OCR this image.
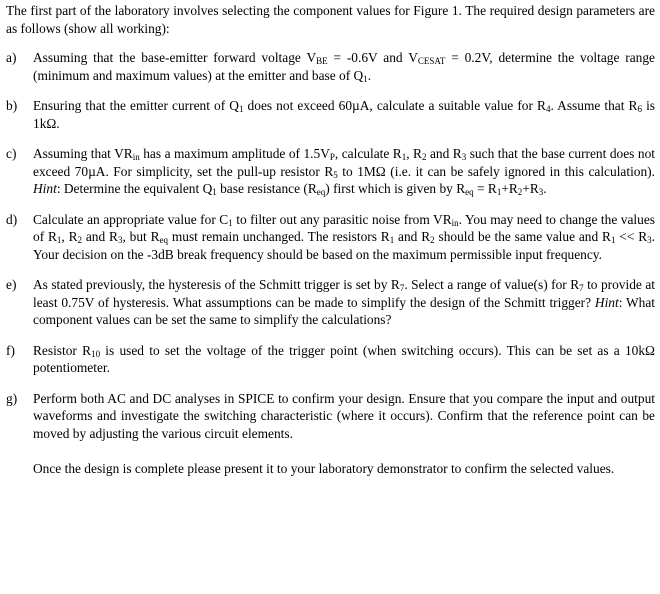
The first part of the laboratory involves selecting the component values for Figure 1. The required design parameters are as follows (show all working):

a)	Assuming that the base-emitter forward voltage $V_{BE} = -0.6V$ and $V_{CESAT} = 0.2V$, determine the voltage range (minimum and maximum values) at the emitter and base of $Q_1$.

b)	Ensuring that the emitter current of $Q_1$ does not exceed 60µA, calculate a suitable value for $R_4$. Assume that $R_6$ is 1kΩ.

c)	Assuming that $VR_{in}$ has a maximum amplitude of $1.5V_P$, calculate $R_1$, $R_2$ and $R_3$ such that the base current does not exceed 70µA. For simplicity, set the pull-up resistor $R_5$ to 1MΩ (i.e. it can be safely ignored in this calculation). Hint: Determine the equivalent $Q_1$ base resistance $(R_{eq})$ first which is given by $R_{eq} = R_1+R_2+R_3$.

d)	Calculate an appropriate value for $C_1$ to filter out any parasitic noise from $VR_{in}$. You may need to change the values of $R_1$, $R_2$ and $R_3$, but $R_{eq}$ must remain unchanged. The resistors $R_1$ and $R_2$ should be the same value and $R_1 << R_3$. Your decision on the -3dB break frequency should be based on the maximum permissible input frequency.

e)	As stated previously, the hysteresis of the Schmitt trigger is set by $R_7$. Select a range of value(s) for $R_7$ to provide at least 0.75V of hysteresis. What assumptions can be made to simplify the design of the Schmitt trigger? Hint: What component values can be set the same to simplify the calculations?

f)	Resistor $R_{10}$ is used to set the voltage of the trigger point (when switching occurs). This can be set as a 10kΩ potentiometer.

g)	Perform both AC and DC analyses in SPICE to confirm your design. Ensure that you compare the input and output waveforms and investigate the switching characteristic (where it occurs). Confirm that the reference point can be moved by adjusting the various circuit elements.

Once the design is complete please present it to your laboratory demonstrator to confirm the selected values.
